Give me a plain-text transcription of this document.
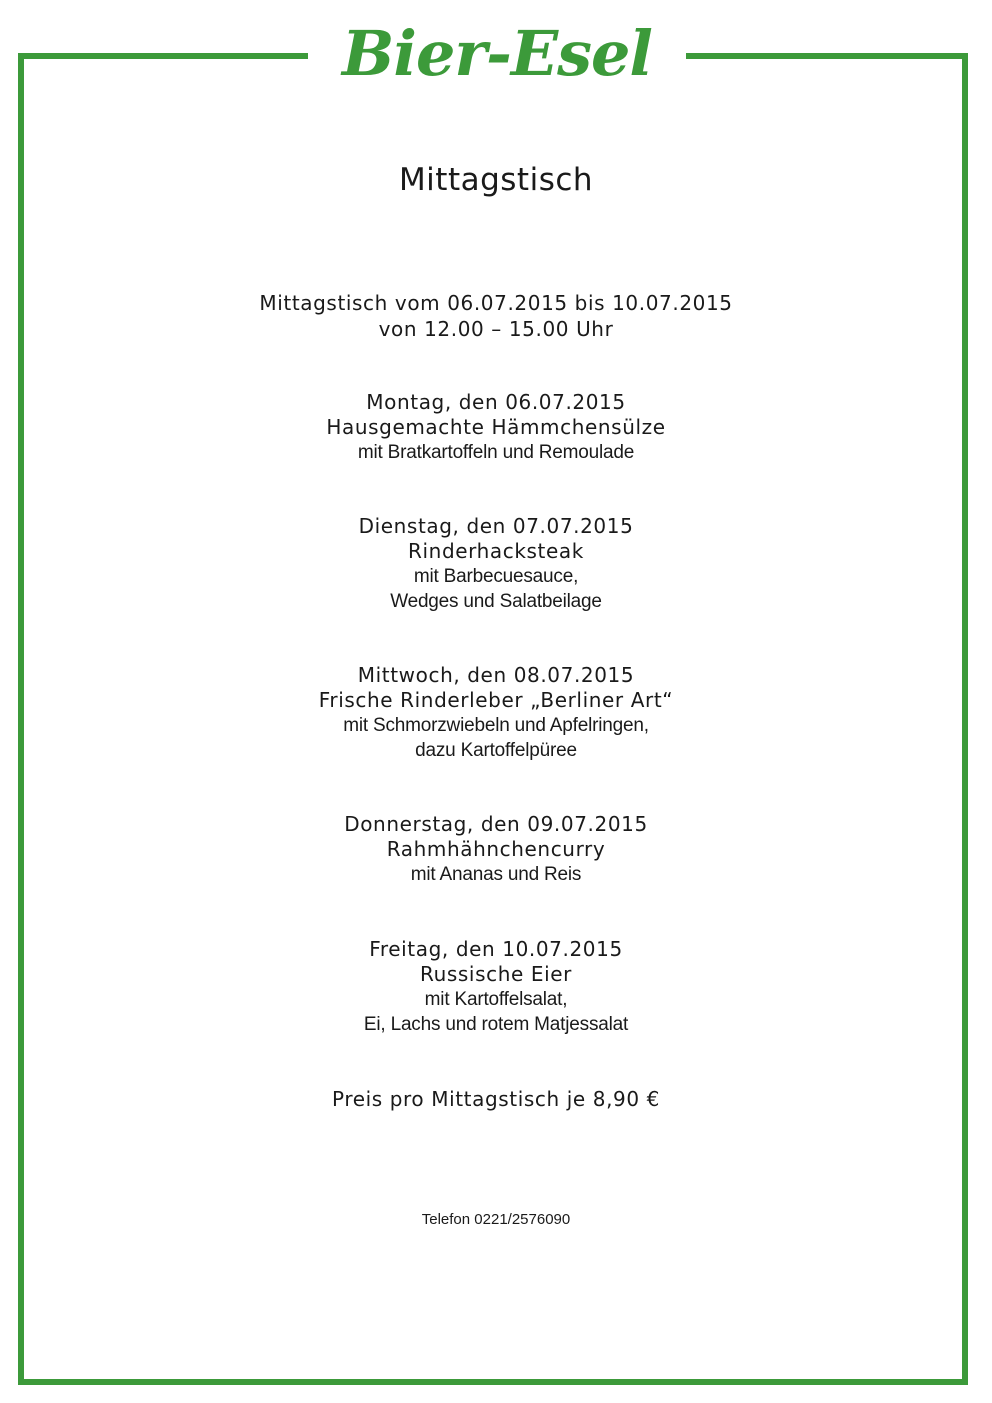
Bier-Esel
Mittagstisch
Mittagstisch vom 06.07.2015 bis 10.07.2015
von 12.00 – 15.00 Uhr
Montag, den 06.07.2015
Hausgemachte Hämmchensülze
mit Bratkartoffeln und Remoulade
Dienstag, den 07.07.2015
Rinderhacksteak
mit Barbecuesauce,
Wedges und Salatbeilage
Mittwoch, den 08.07.2015
Frische Rinderleber „Berliner Art“
mit Schmorzwiebeln und Apfelringen,
dazu Kartoffelpüree
Donnerstag, den 09.07.2015
Rahmhähnchencurry
mit Ananas und Reis
Freitag, den 10.07.2015
Russische Eier
mit Kartoffelsalat,
Ei, Lachs und rotem Matjessalat
Preis pro Mittagstisch je 8,90 €
Telefon 0221/2576090
